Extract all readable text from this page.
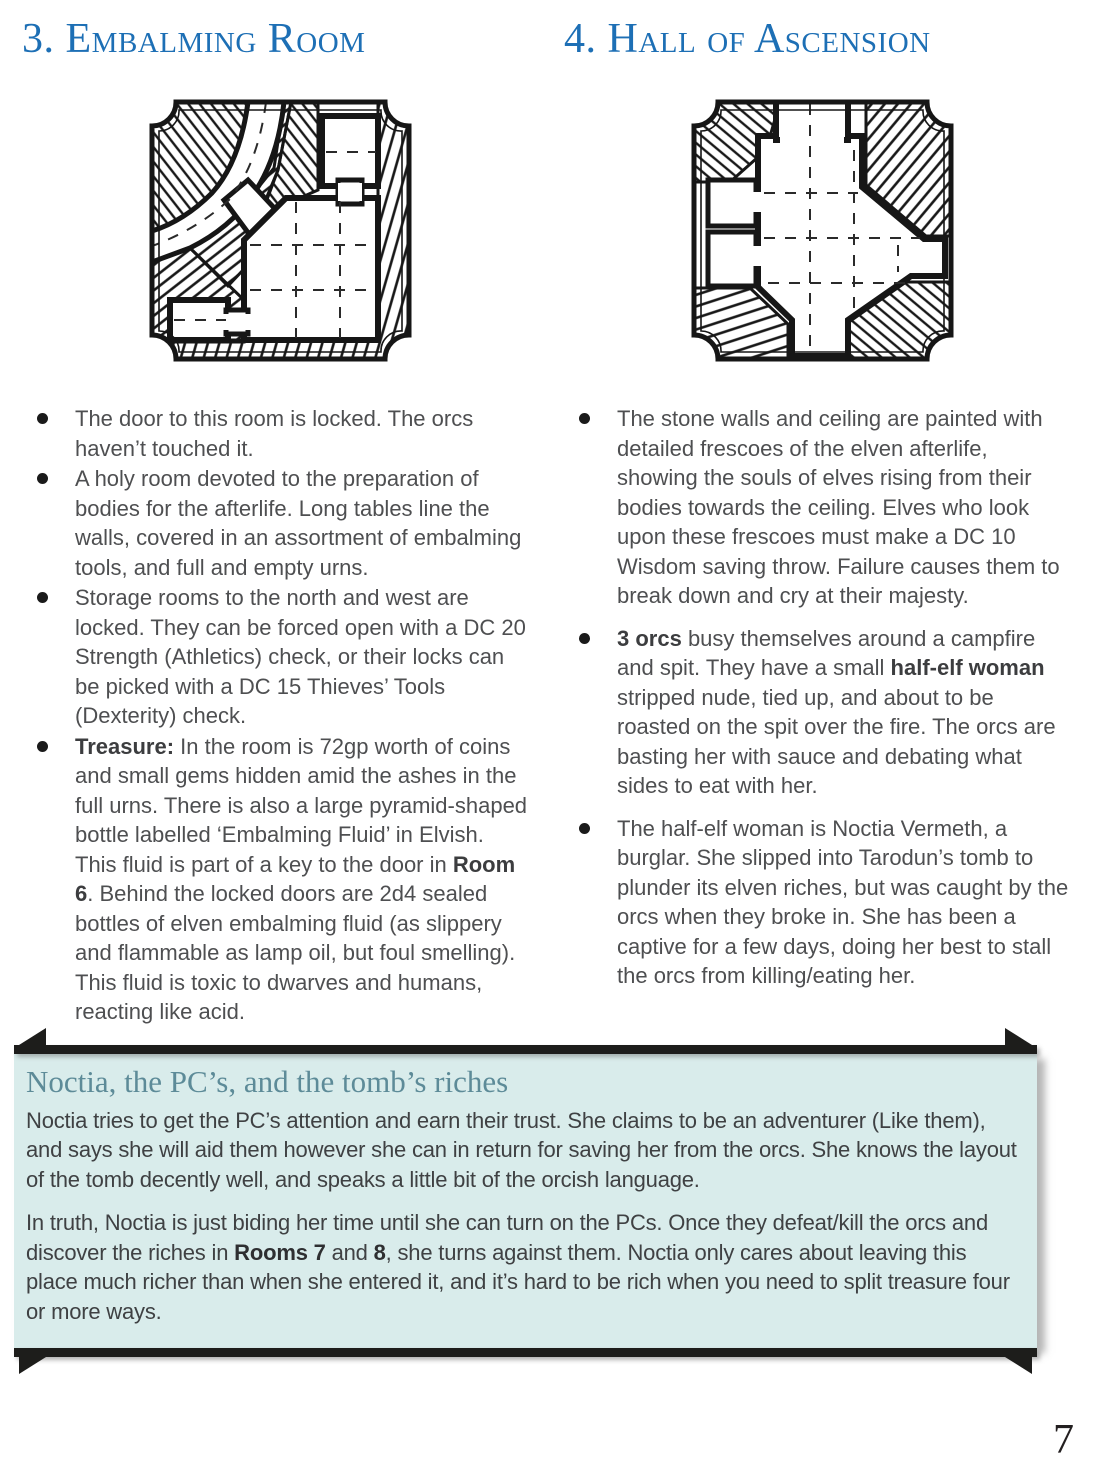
3. Embalming Room
The door to this room is locked. The orcs haven’t touched it.
A holy room devoted to the preparation of bodies for the afterlife. Long tables line the walls, covered in an assortment of embalming tools, and full and empty urns.
Storage rooms to the north and west are locked. They can be forced open with a DC 20 Strength (Athletics) check, or their locks can be picked with a DC 15 Thieves’ Tools (Dexterity) check.
Treasure: In the room is 72gp worth of coins and small gems hidden amid the ashes in the full urns. There is also a large pyramid-shaped bottle labelled ‘Embalming Fluid’ in Elvish. This fluid is part of a key to the door in Room 6. Behind the locked doors are 2d4 sealed bottles of elven embalming fluid (as slippery and flammable as lamp oil, but foul smelling). This fluid is toxic to dwarves and humans, reacting like acid.
4. Hall of Ascension
The stone walls and ceiling are painted with detailed frescoes of the elven afterlife, showing the souls of elves rising from their bodies towards the ceiling. Elves who look upon these frescoes must make a DC 10 Wisdom saving throw. Failure causes them to break down and cry at their majesty.
3 orcs busy themselves around a campfire and spit. They have a small half-elf woman stripped nude, tied up, and about to be roasted on the spit over the fire. The orcs are basting her with sauce and debating what sides to eat with her.
The half-elf woman is Noctia Vermeth, a burglar. She slipped into Tarodun’s tomb to plunder its elven riches, but was caught by the orcs when they broke in. She has been a captive for a few days, doing her best to stall the orcs from killing/eating her.
Noctia, the PC’s, and the tomb’s riches

Noctia tries to get the PC’s attention and earn their trust. She claims to be an adventurer (Like them), and says she will aid them however she can in return for saving her from the orcs. She knows the layout of the tomb decently well, and speaks a little bit of the orcish language.

In truth, Noctia is just biding her time until she can turn on the PCs. Once they defeat/kill the orcs and discover the riches in Rooms 7 and 8, she turns against them. Noctia only cares about leaving this place much richer than when she entered it, and it’s hard to be rich when you need to split treasure four or more ways.

7
